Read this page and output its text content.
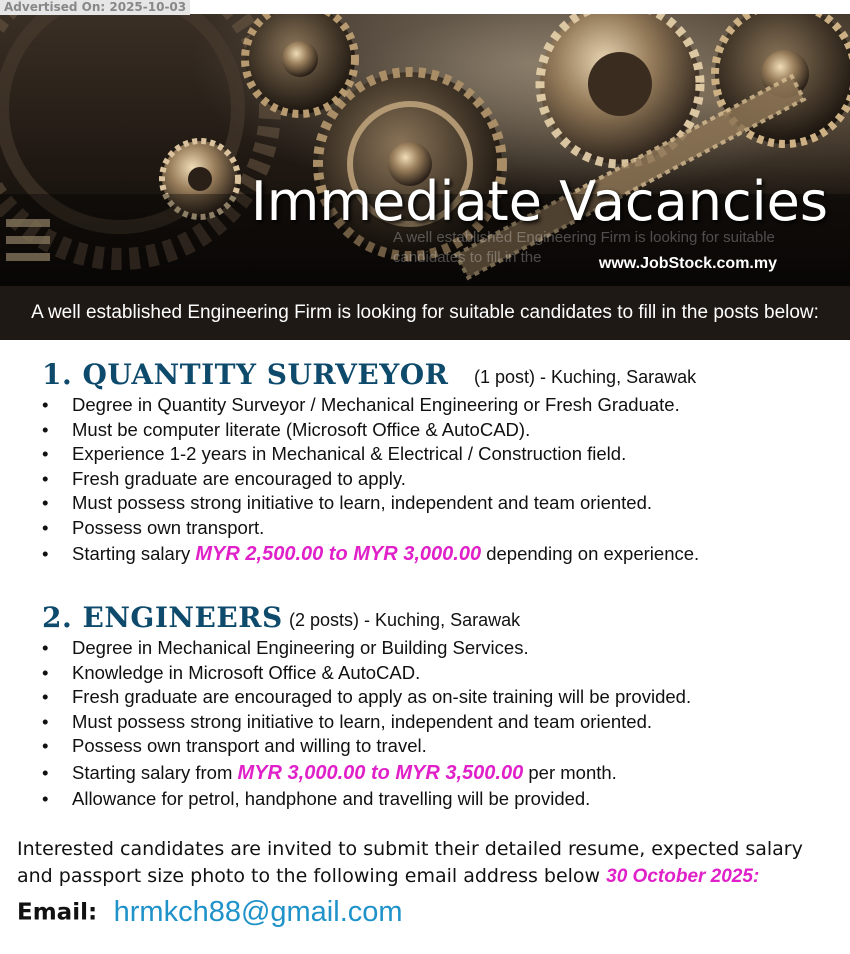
Advertised On: 2025-10-03
A well established Engineering Firm is looking for suitable candidates to fill in the
Immediate Vacancies
www.JobStock.com.my
A well established Engineering Firm is looking for suitable candidates to fill in the posts below:
1. QUANTITY SURVEYOR (1 post) - Kuching, Sarawak
• Degree in Quantity Surveyor / Mechanical Engineering or Fresh Graduate.
• Must be computer literate (Microsoft Office & AutoCAD).
• Experience 1-2 years in Mechanical & Electrical / Construction field.
• Fresh graduate are encouraged to apply.
• Must possess strong initiative to learn, independent and team oriented.
• Possess own transport.
• Starting salary MYR 2,500.00 to MYR 3,000.00 depending on experience.
2. ENGINEERS (2 posts) - Kuching, Sarawak
• Degree in Mechanical Engineering or Building Services.
• Knowledge in Microsoft Office & AutoCAD.
• Fresh graduate are encouraged to apply as on-site training will be provided.
• Must possess strong initiative to learn, independent and team oriented.
• Possess own transport and willing to travel.
• Starting salary from MYR 3,000.00 to MYR 3,500.00 per month.
• Allowance for petrol, handphone and travelling will be provided.
Interested candidates are invited to submit their detailed resume, expected salary and passport size photo to the following email address below 30 October 2025:
Email: hrmkch88@gmail.com
